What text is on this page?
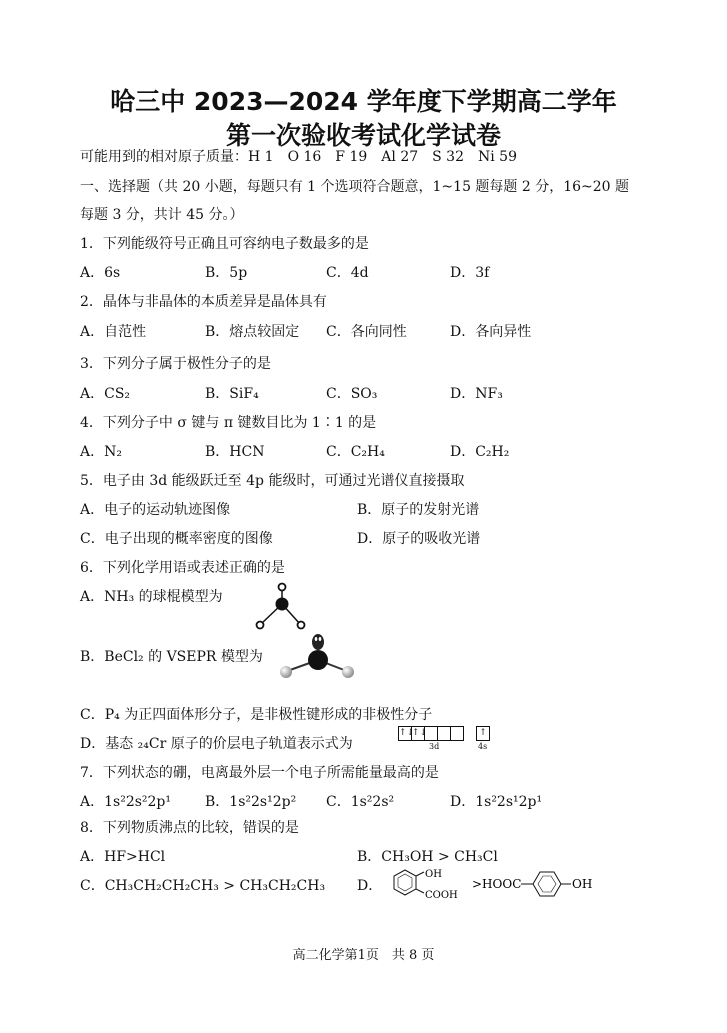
哈三中 2023—2024 学年度下学期高二学年
第一次验收考试化学试卷
可能用到的相对原子质量：H 1　O 16　F 19　Al 27　S 32　Ni 59
一、选择题（共 20 小题，每题只有 1 个选项符合题意，1~15 题每题 2 分，16~20 题
每题 3 分，共计 45 分。）
1．下列能级符号正确且可容纳电子数最多的是
A．6s	B．5p	C．4d	D．3f
2．晶体与非晶体的本质差异是晶体具有
A．自范性	B．熔点较固定 C．各向同性	D．各向异性
3．下列分子属于极性分子的是
A．CS₂	B．SiF₄	C．SO₃	D．NF₃
4．下列分子中 σ 键与 π 键数目比为 1∶1 的是
A．N₂	B．HCN	C．C₂H₄	D．C₂H₂
5．电子由 3d 能级跃迁至 4p 能级时，可通过光谱仪直接摄取
A．电子的运动轨迹图像	B．原子的发射光谱
C．电子出现的概率密度的图像	D．原子的吸收光谱
6．下列化学用语或表述正确的是
A．NH₃ 的球棍模型为
B．BeCl₂ 的 VSEPR 模型为
C．P₄ 为正四面体形分子，是非极性键形成的非极性分子
D．基态 ₂₄Cr 原子的价层电子轨道表示式为
↑↓
↑↓
3d
↑
4s
7．下列状态的硼，电离最外层一个电子所需能量最高的是
A．1s²2s²2p¹ B．1s²2s¹2p² C．1s²2s²	D．1s²2s¹2p¹
8．下列物质沸点的比较，错误的是
A．HF>HCl	B．CH₃OH > CH₃Cl
C．CH₃CH₂CH₂CH₃ > CH₃CH₂CH₃ D．
OH
COOH
>HOOC	OH
高二化学第1页　共 8 页
